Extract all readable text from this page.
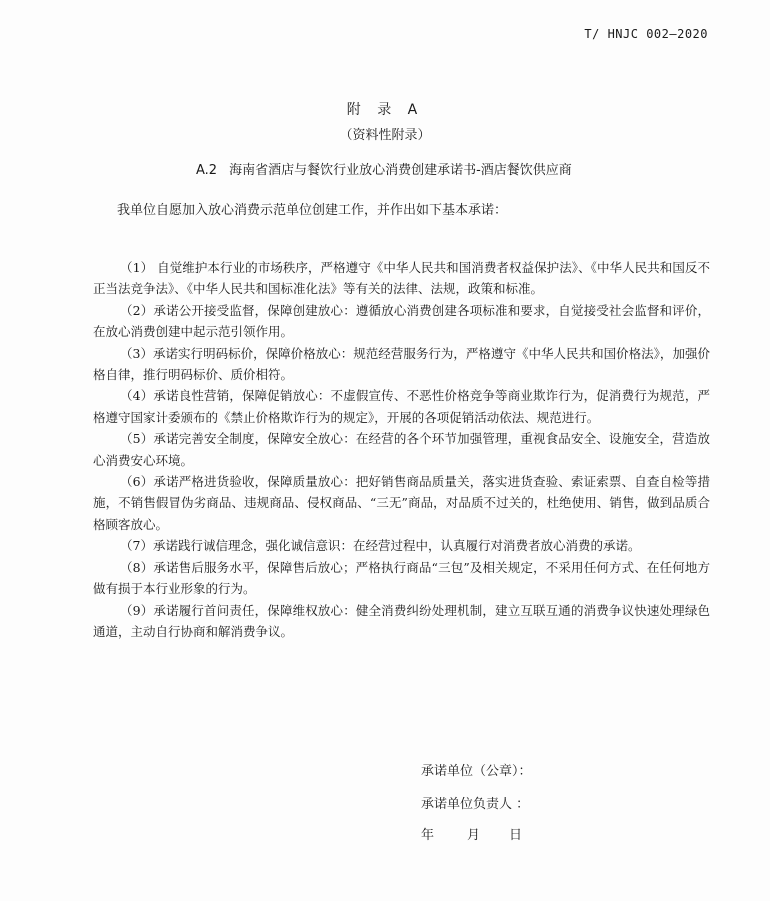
T/ HNJC 002—2020
附 录 A
（资料性附录）
A.2 海南省酒店与餐饮行业放心消费创建承诺书-酒店餐饮供应商
我单位自愿加入放心消费示范单位创建工作，并作出如下基本承诺：

（1） 自觉维护本行业的市场秩序，严格遵守《中华人民共和国消费者权益保护法》、《中华人民共和国反不正当法竞争法》、《中华人民共和国标准化法》等有关的法律、法规，政策和标准。

（2）承诺公开接受监督，保障创建放心：遵循放心消费创建各项标准和要求，自觉接受社会监督和评价，在放心消费创建中起示范引领作用。

（3）承诺实行明码标价，保障价格放心：规范经营服务行为，严格遵守《中华人民共和国价格法》，加强价格自律，推行明码标价、质价相符。

（4）承诺良性营销，保障促销放心：不虚假宣传、不恶性价格竞争等商业欺诈行为，促消费行为规范，严格遵守国家计委颁布的《禁止价格欺诈行为的规定》，开展的各项促销活动依法、规范进行。

（5）承诺完善安全制度，保障安全放心：在经营的各个环节加强管理，重视食品安全、设施安全，营造放心消费安心环境。

（6）承诺严格进货验收，保障质量放心：把好销售商品质量关，落实进货查验、索证索票、自查自检等措施，不销售假冒伪劣商品、违规商品、侵权商品、“三无”商品，对品质不过关的，杜绝使用、销售，做到品质合格顾客放心。

（7）承诺践行诚信理念，强化诚信意识：在经营过程中，认真履行对消费者放心消费的承诺。

（8）承诺售后服务水平，保障售后放心；严格执行商品“三包”及相关规定，不采用任何方式、在任何地方做有损于本行业形象的行为。

（9）承诺履行首问责任，保障维权放心：健全消费纠纷处理机制，建立互联互通的消费争议快速处理绿色通道，主动自行协商和解消费争议。

承诺单位（公章）：
承诺单位负责人 ：
年	月 日
